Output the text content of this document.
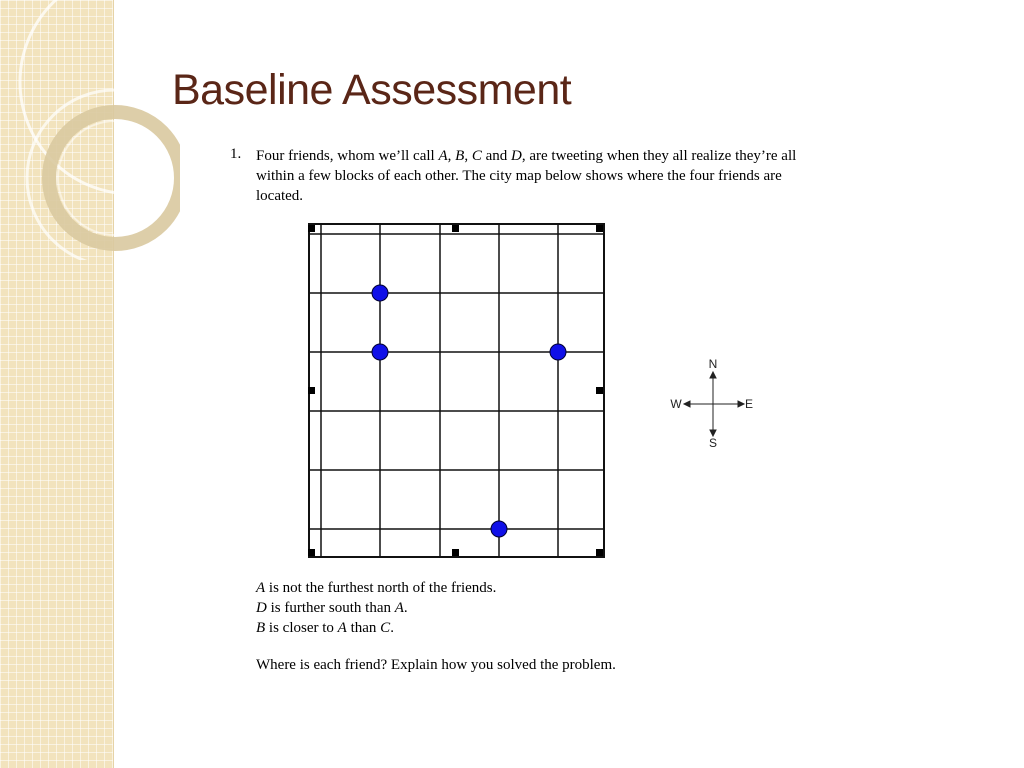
Baseline Assessment
1. Four friends, whom we’ll call A, B, C and D, are tweeting when they all realize they’re all within a few blocks of each other. The city map below shows where the four friends are located.

N
S
E
W

A is not the furthest north of the friends.

D is further south than A.

B is closer to A than C.

Where is each friend? Explain how you solved the problem.
